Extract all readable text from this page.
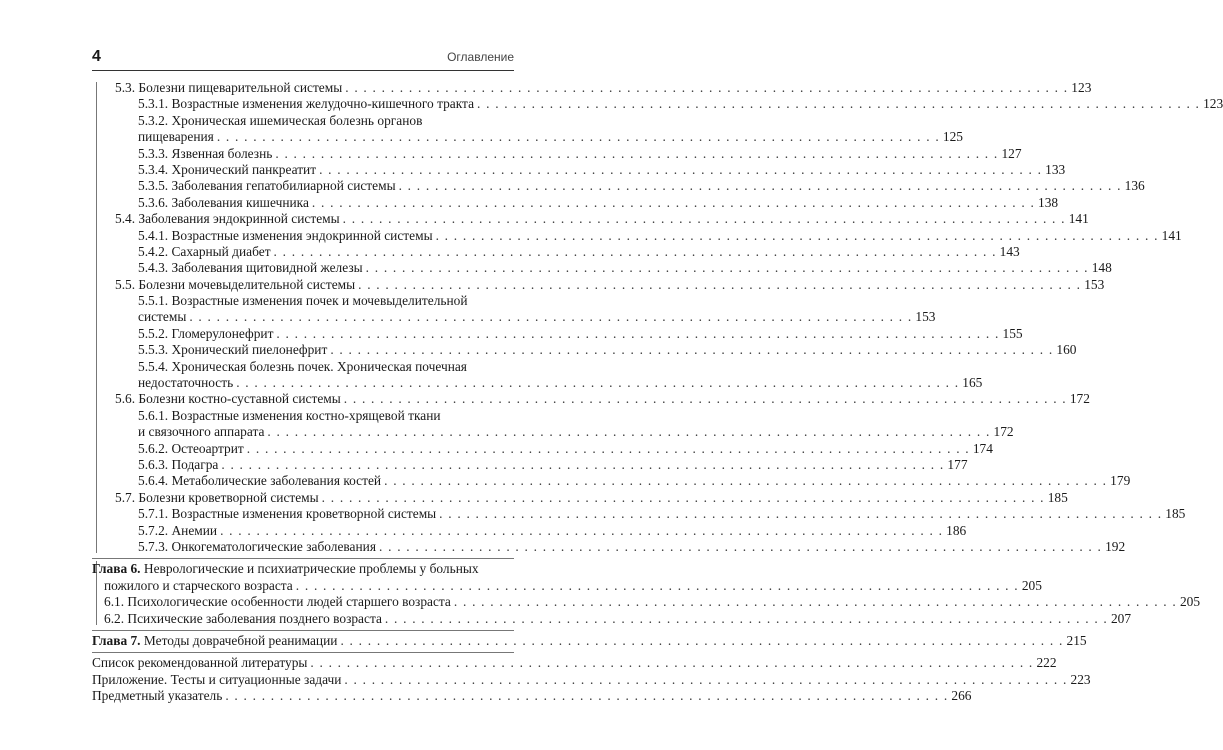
4	Оглавление
5.3. Болезни пищеварительной системы . . . . . . . . . . . . . . . . . . . . . . . . . . . . . . . . . . . . . . . . . . . . . . . . . . . . . . . . . . . . . . . . . . . . . . . . . . . . . . . . 123
5.3.1. Возрастные изменения желудочно-кишечного тракта . . . . . . . . . . . . . . . . . . . . . . . . . . . . . . . . . . . . . . . . . . . . . . . . . . . . . . . . . . . . . . . . . . . . . . . . . . . . . . . . 123
5.3.2. Хроническая ишемическая болезнь органов
пищеварения . . . . . . . . . . . . . . . . . . . . . . . . . . . . . . . . . . . . . . . . . . . . . . . . . . . . . . . . . . . . . . . . . . . . . . . . . . . . . . . . 125
5.3.3. Язвенная болезнь . . . . . . . . . . . . . . . . . . . . . . . . . . . . . . . . . . . . . . . . . . . . . . . . . . . . . . . . . . . . . . . . . . . . . . . . . . . . . . . . 127
5.3.4. Хронический панкреатит . . . . . . . . . . . . . . . . . . . . . . . . . . . . . . . . . . . . . . . . . . . . . . . . . . . . . . . . . . . . . . . . . . . . . . . . . . . . . . . . 133
5.3.5. Заболевания гепатобилиарной системы . . . . . . . . . . . . . . . . . . . . . . . . . . . . . . . . . . . . . . . . . . . . . . . . . . . . . . . . . . . . . . . . . . . . . . . . . . . . . . . . 136
5.3.6. Заболевания кишечника . . . . . . . . . . . . . . . . . . . . . . . . . . . . . . . . . . . . . . . . . . . . . . . . . . . . . . . . . . . . . . . . . . . . . . . . . . . . . . . . 138
5.4. Заболевания эндокринной системы . . . . . . . . . . . . . . . . . . . . . . . . . . . . . . . . . . . . . . . . . . . . . . . . . . . . . . . . . . . . . . . . . . . . . . . . . . . . . . . . 141
5.4.1. Возрастные изменения эндокринной системы . . . . . . . . . . . . . . . . . . . . . . . . . . . . . . . . . . . . . . . . . . . . . . . . . . . . . . . . . . . . . . . . . . . . . . . . . . . . . . . . 141
5.4.2. Сахарный диабет . . . . . . . . . . . . . . . . . . . . . . . . . . . . . . . . . . . . . . . . . . . . . . . . . . . . . . . . . . . . . . . . . . . . . . . . . . . . . . . . 143
5.4.3. Заболевания щитовидной железы . . . . . . . . . . . . . . . . . . . . . . . . . . . . . . . . . . . . . . . . . . . . . . . . . . . . . . . . . . . . . . . . . . . . . . . . . . . . . . . . 148
5.5. Болезни мочевыделительной системы . . . . . . . . . . . . . . . . . . . . . . . . . . . . . . . . . . . . . . . . . . . . . . . . . . . . . . . . . . . . . . . . . . . . . . . . . . . . . . . . 153
5.5.1. Возрастные изменения почек и мочевыделительной
системы . . . . . . . . . . . . . . . . . . . . . . . . . . . . . . . . . . . . . . . . . . . . . . . . . . . . . . . . . . . . . . . . . . . . . . . . . . . . . . . . 153
5.5.2. Гломерулонефрит . . . . . . . . . . . . . . . . . . . . . . . . . . . . . . . . . . . . . . . . . . . . . . . . . . . . . . . . . . . . . . . . . . . . . . . . . . . . . . . . 155
5.5.3. Хронический пиелонефрит . . . . . . . . . . . . . . . . . . . . . . . . . . . . . . . . . . . . . . . . . . . . . . . . . . . . . . . . . . . . . . . . . . . . . . . . . . . . . . . . 160
5.5.4. Хроническая болезнь почек. Хроническая почечная
недостаточность . . . . . . . . . . . . . . . . . . . . . . . . . . . . . . . . . . . . . . . . . . . . . . . . . . . . . . . . . . . . . . . . . . . . . . . . . . . . . . . . 165
5.6. Болезни костно-суставной системы . . . . . . . . . . . . . . . . . . . . . . . . . . . . . . . . . . . . . . . . . . . . . . . . . . . . . . . . . . . . . . . . . . . . . . . . . . . . . . . . 172
5.6.1. Возрастные изменения костно-хрящевой ткани
и связочного аппарата . . . . . . . . . . . . . . . . . . . . . . . . . . . . . . . . . . . . . . . . . . . . . . . . . . . . . . . . . . . . . . . . . . . . . . . . . . . . . . . . 172
5.6.2. Остеоартрит . . . . . . . . . . . . . . . . . . . . . . . . . . . . . . . . . . . . . . . . . . . . . . . . . . . . . . . . . . . . . . . . . . . . . . . . . . . . . . . . 174
5.6.3. Подагра . . . . . . . . . . . . . . . . . . . . . . . . . . . . . . . . . . . . . . . . . . . . . . . . . . . . . . . . . . . . . . . . . . . . . . . . . . . . . . . . 177
5.6.4. Метаболические заболевания костей . . . . . . . . . . . . . . . . . . . . . . . . . . . . . . . . . . . . . . . . . . . . . . . . . . . . . . . . . . . . . . . . . . . . . . . . . . . . . . . . 179
5.7. Болезни кроветворной системы . . . . . . . . . . . . . . . . . . . . . . . . . . . . . . . . . . . . . . . . . . . . . . . . . . . . . . . . . . . . . . . . . . . . . . . . . . . . . . . . 185
5.7.1. Возрастные изменения кроветворной системы . . . . . . . . . . . . . . . . . . . . . . . . . . . . . . . . . . . . . . . . . . . . . . . . . . . . . . . . . . . . . . . . . . . . . . . . . . . . . . . . 185
5.7.2. Анемии . . . . . . . . . . . . . . . . . . . . . . . . . . . . . . . . . . . . . . . . . . . . . . . . . . . . . . . . . . . . . . . . . . . . . . . . . . . . . . . . 186
5.7.3. Онкогематологические заболевания . . . . . . . . . . . . . . . . . . . . . . . . . . . . . . . . . . . . . . . . . . . . . . . . . . . . . . . . . . . . . . . . . . . . . . . . . . . . . . . . 192
Глава 6. Неврологические и психиатрические проблемы у больных
пожилого и старческого возраста . . . . . . . . . . . . . . . . . . . . . . . . . . . . . . . . . . . . . . . . . . . . . . . . . . . . . . . . . . . . . . . . . . . . . . . . . . . . . . . . 205
6.1. Психологические особенности людей старшего возраста . . . . . . . . . . . . . . . . . . . . . . . . . . . . . . . . . . . . . . . . . . . . . . . . . . . . . . . . . . . . . . . . . . . . . . . . . . . . . . . . 205
6.2. Психические заболевания позднего возраста . . . . . . . . . . . . . . . . . . . . . . . . . . . . . . . . . . . . . . . . . . . . . . . . . . . . . . . . . . . . . . . . . . . . . . . . . . . . . . . . 207
Глава 7. Методы доврачебной реанимации . . . . . . . . . . . . . . . . . . . . . . . . . . . . . . . . . . . . . . . . . . . . . . . . . . . . . . . . . . . . . . . . . . . . . . . . . . . . . . . . 215
Список рекомендованной литературы . . . . . . . . . . . . . . . . . . . . . . . . . . . . . . . . . . . . . . . . . . . . . . . . . . . . . . . . . . . . . . . . . . . . . . . . . . . . . . . . 222
Приложение. Тесты и ситуационные задачи . . . . . . . . . . . . . . . . . . . . . . . . . . . . . . . . . . . . . . . . . . . . . . . . . . . . . . . . . . . . . . . . . . . . . . . . . . . . . . . . 223
Предметный указатель . . . . . . . . . . . . . . . . . . . . . . . . . . . . . . . . . . . . . . . . . . . . . . . . . . . . . . . . . . . . . . . . . . . . . . . . . . . . . . . . 266
